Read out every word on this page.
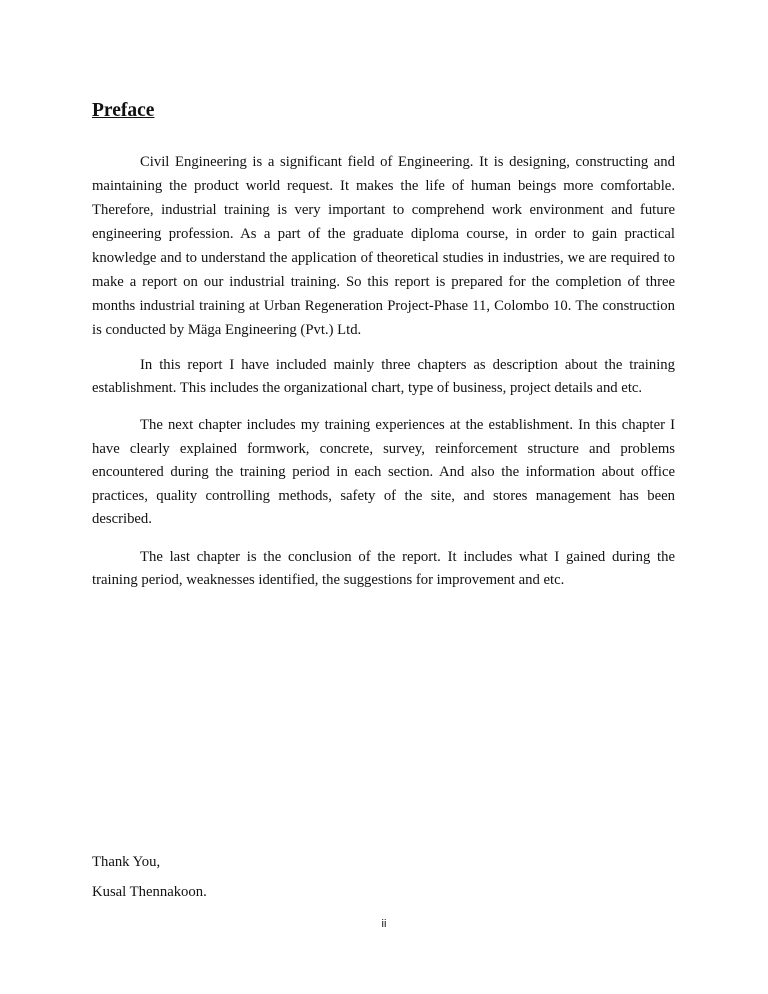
Preface

Civil Engineering is a significant field of Engineering. It is designing, constructing and maintaining the product world request. It makes the life of human beings more comfortable. Therefore, industrial training is very important to comprehend work environment and future engineering profession. As a part of the graduate diploma course, in order to gain practical knowledge and to understand the application of theoretical studies in industries, we are required to make a report on our industrial training. So this report is prepared for the completion of three months industrial training at Urban Regeneration Project-Phase 11, Colombo 10. The construction is conducted by Mäga Engineering (Pvt.) Ltd.

In this report I have included mainly three chapters as description about the training establishment. This includes the organizational chart, type of business, project details and etc.

The next chapter includes my training experiences at the establishment. In this chapter I have clearly explained formwork, concrete, survey, reinforcement structure and problems encountered during the training period in each section. And also the information about office practices, quality controlling methods, safety of the site, and stores management has been described.

The last chapter is the conclusion of the report. It includes what I gained during the training period, weaknesses identified, the suggestions for improvement and etc.

Thank You,
Kusal Thennakoon.
ii
